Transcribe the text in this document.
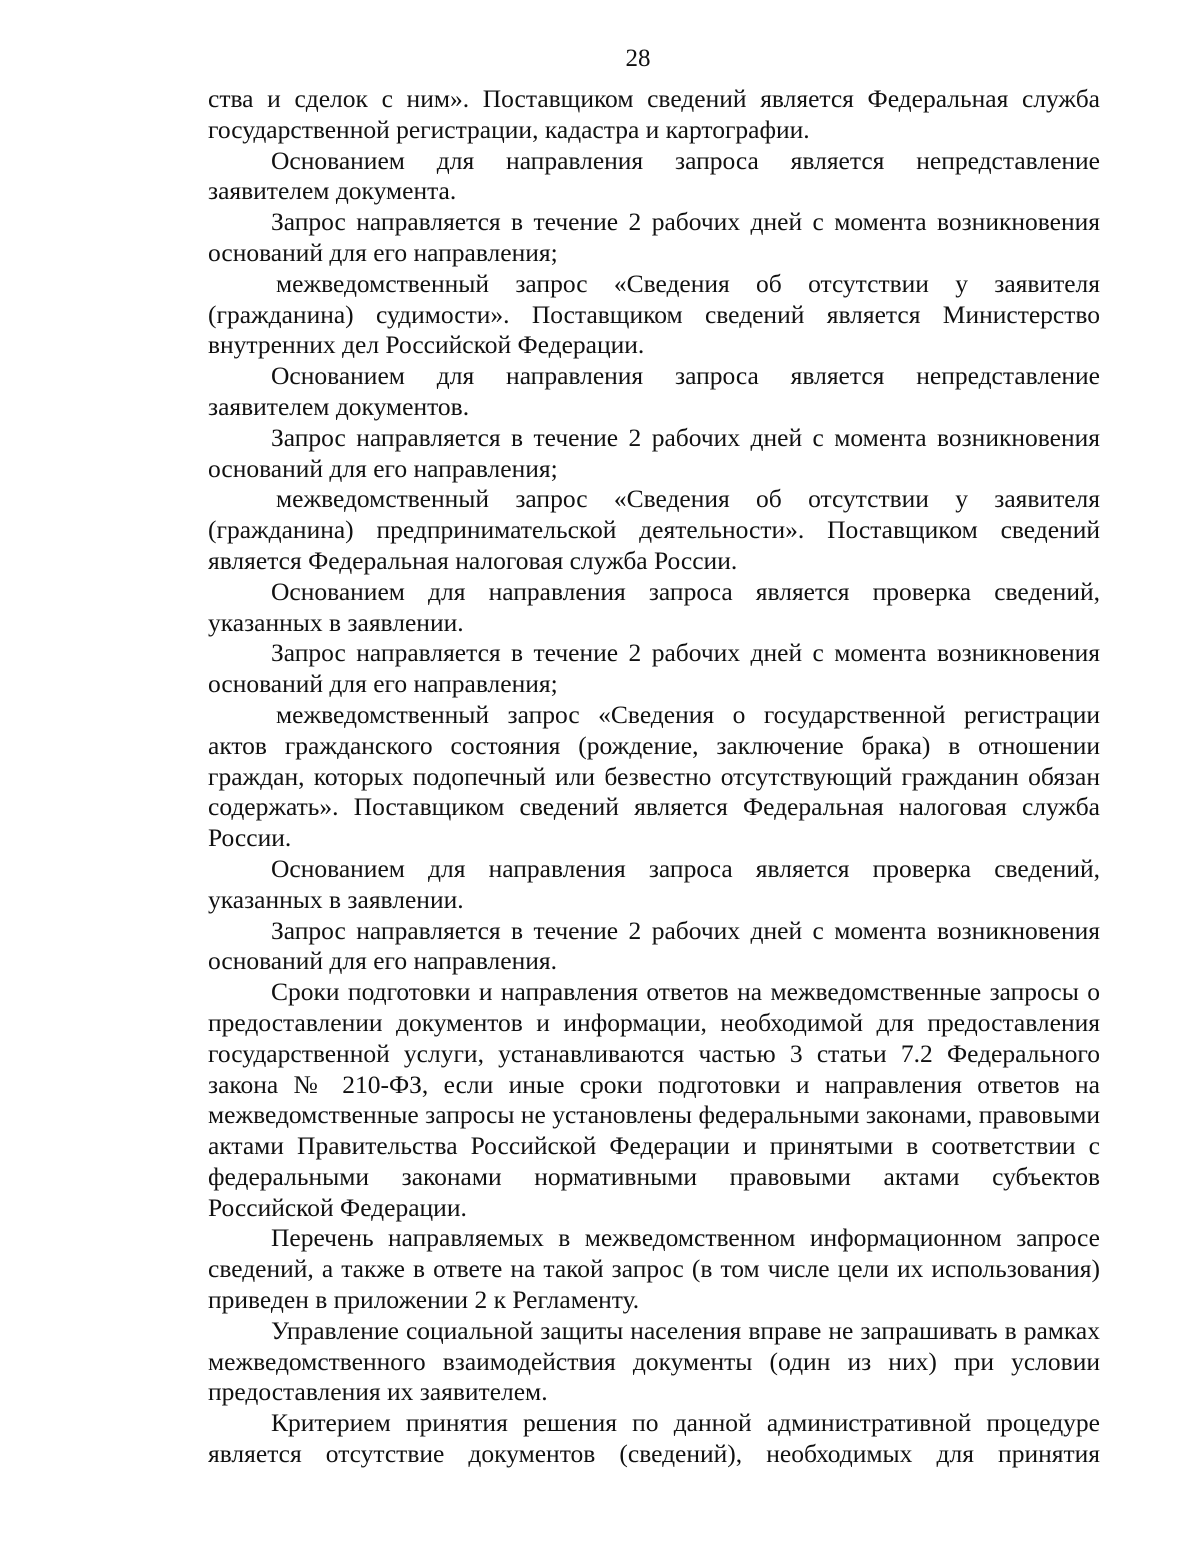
28

ства и сделок с ним». Поставщиком сведений является Федеральная служба государственной регистрации, кадастра и картографии.

Основанием для направления запроса является непредставление заявителем документа.

Запрос направляется в течение 2 рабочих дней с момента возникновения оснований для его направления;

межведомственный запрос «Сведения об отсутствии у заявителя (гражданина) судимости». Поставщиком сведений является Министерство внутренних дел Российской Федерации.

Основанием для направления запроса является непредставление заявителем документов.

Запрос направляется в течение 2 рабочих дней с момента возникновения оснований для его направления;

межведомственный запрос «Сведения об отсутствии у заявителя (гражданина) предпринимательской деятельности». Поставщиком сведений является Федеральная налоговая служба России.

Основанием для направления запроса является проверка сведений, указанных в заявлении.

Запрос направляется в течение 2 рабочих дней с момента возникновения оснований для его направления;

межведомственный запрос «Сведения о государственной регистрации актов гражданского состояния (рождение, заключение брака) в отношении граждан, которых подопечный или безвестно отсутствующий гражданин обязан содержать». Поставщиком сведений является Федеральная налоговая служба России.

Основанием для направления запроса является проверка сведений, указанных в заявлении.

Запрос направляется в течение 2 рабочих дней с момента возникновения оснований для его направления.

Сроки подготовки и направления ответов на межведомственные запросы о предоставлении документов и информации, необходимой для предоставления государственной услуги, устанавливаются частью 3 статьи 7.2 Федерального закона № 210-ФЗ, если иные сроки подготовки и направления ответов на межведомственные запросы не установлены федеральными законами, правовыми актами Правительства Российской Федерации и принятыми в соответствии с федеральными законами нормативными правовыми актами субъектов Российской Федерации.

Перечень направляемых в межведомственном информационном запросе сведений, а также в ответе на такой запрос (в том числе цели их использования) приведен в приложении 2 к Регламенту.

Управление социальной защиты населения вправе не запрашивать в рамках межведомственного взаимодействия документы (один из них) при условии предоставления их заявителем.

Критерием принятия решения по данной административной процедуре является отсутствие документов (сведений), необходимых для принятия
